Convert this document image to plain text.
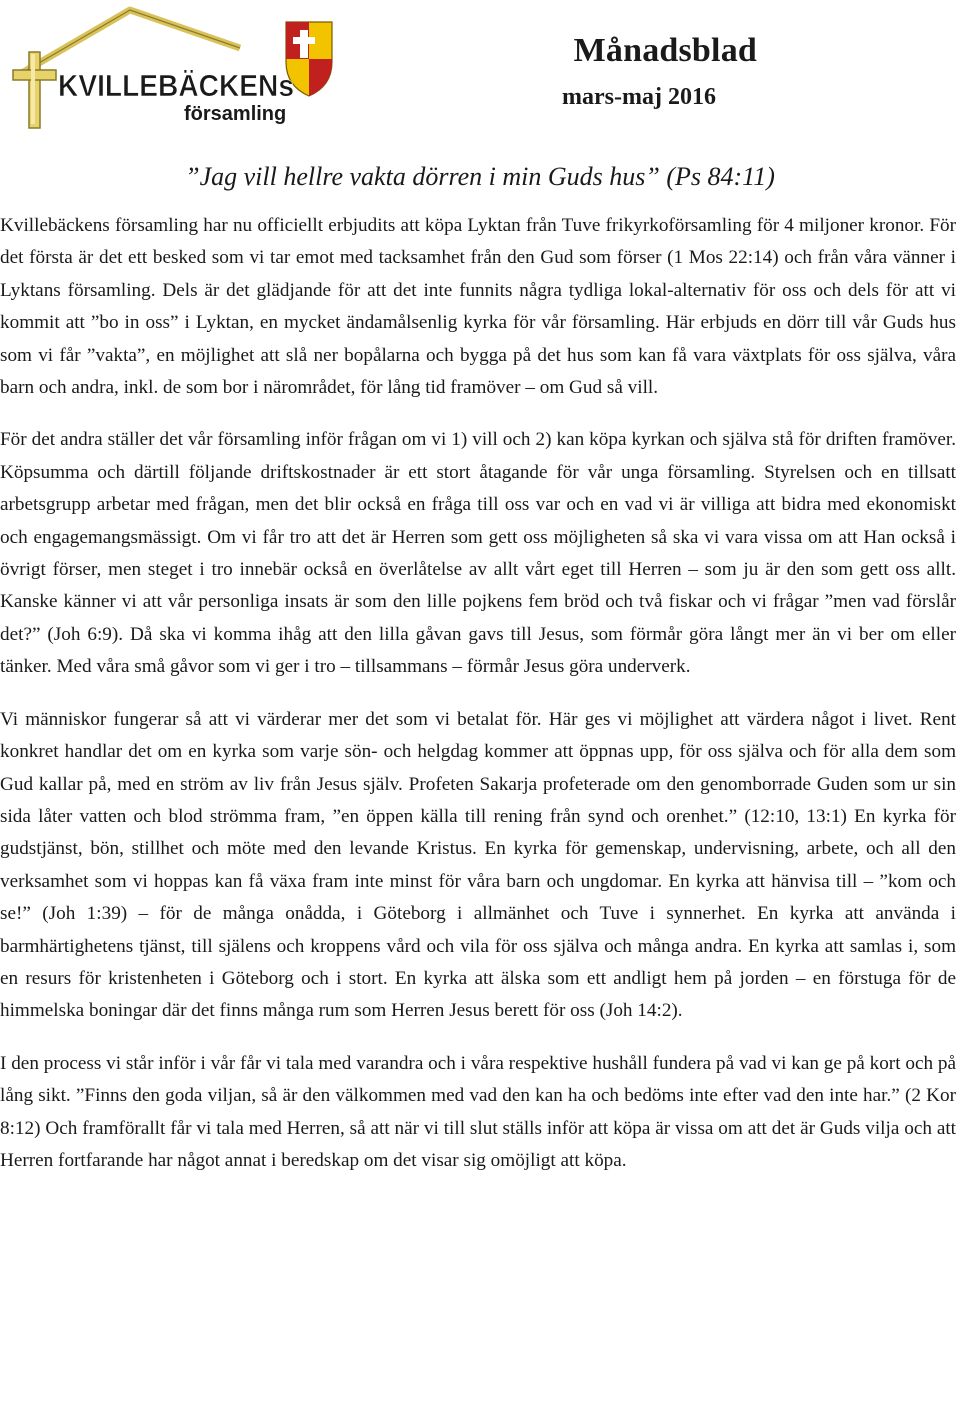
KVILLEBÄCKENs
församling
Månadsblad
mars-maj 2016
”Jag vill hellre vakta dörren i min Guds hus” (Ps 84:11)

Kvillebäckens församling har nu officiellt erbjudits att köpa Lyktan från Tuve frikyrkoförsamling för 4 miljoner kronor. För det första är det ett besked som vi tar emot med tacksamhet från den Gud som förser (1 Mos 22:14) och från våra vänner i Lyktans församling. Dels är det glädjande för att det inte funnits några tydliga lokal-alternativ för oss och dels för att vi kommit att ”bo in oss” i Lyktan, en mycket ändamålsenlig kyrka för vår församling. Här erbjuds en dörr till vår Guds hus som vi får ”vakta”, en möjlighet att slå ner bopålarna och bygga på det hus som kan få vara växtplats för oss själva, våra barn och andra, inkl. de som bor i närområdet, för lång tid framöver – om Gud så vill.

För det andra ställer det vår församling inför frågan om vi 1) vill och 2) kan köpa kyrkan och själva stå för driften framöver. Köpsumma och därtill följande driftskostnader är ett stort åtagande för vår unga församling. Styrelsen och en tillsatt arbetsgrupp arbetar med frågan, men det blir också en fråga till oss var och en vad vi är villiga att bidra med ekonomiskt och engagemangsmässigt. Om vi får tro att det är Herren som gett oss möjligheten så ska vi vara vissa om att Han också i övrigt förser, men steget i tro innebär också en överlåtelse av allt vårt eget till Herren – som ju är den som gett oss allt. Kanske känner vi att vår personliga insats är som den lille pojkens fem bröd och två fiskar och vi frågar ”men vad förslår det?” (Joh 6:9). Då ska vi komma ihåg att den lilla gåvan gavs till Jesus, som förmår göra långt mer än vi ber om eller tänker. Med våra små gåvor som vi ger i tro – tillsammans – förmår Jesus göra underverk.

Vi människor fungerar så att vi värderar mer det som vi betalat för. Här ges vi möjlighet att värdera något i livet. Rent konkret handlar det om en kyrka som varje sön- och helgdag kommer att öppnas upp, för oss själva och för alla dem som Gud kallar på, med en ström av liv från Jesus själv. Profeten Sakarja profeterade om den genomborrade Guden som ur sin sida låter vatten och blod strömma fram, ”en öppen källa till rening från synd och orenhet.” (12:10, 13:1) En kyrka för gudstjänst, bön, stillhet och möte med den levande Kristus. En kyrka för gemenskap, undervisning, arbete, och all den verksamhet som vi hoppas kan få växa fram inte minst för våra barn och ungdomar. En kyrka att hänvisa till – ”kom och se!” (Joh 1:39) – för de många onådda, i Göteborg i allmänhet och Tuve i synnerhet. En kyrka att använda i barmhärtighetens tjänst, till själens och kroppens vård och vila för oss själva och många andra. En kyrka att samlas i, som en resurs för kristenheten i Göteborg och i stort. En kyrka att älska som ett andligt hem på jorden – en förstuga för de himmelska boningar där det finns många rum som Herren Jesus berett för oss (Joh 14:2).

I den process vi står inför i vår får vi tala med varandra och i våra respektive hushåll fundera på vad vi kan ge på kort och på lång sikt. ”Finns den goda viljan, så är den välkommen med vad den kan ha och bedöms inte efter vad den inte har.” (2 Kor 8:12) Och framförallt får vi tala med Herren, så att när vi till slut ställs inför att köpa är vissa om att det är Guds vilja och att Herren fortfarande har något annat i beredskap om det visar sig omöjligt att köpa.
